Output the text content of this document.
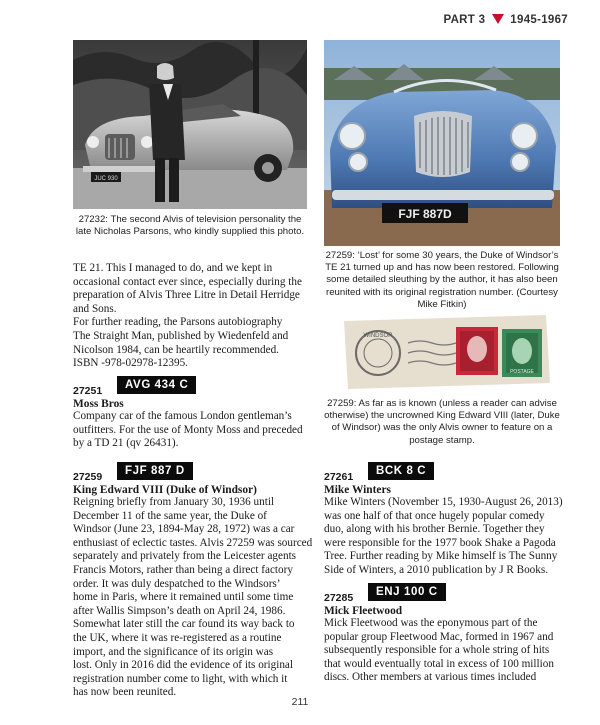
PART 3 1945-1967
JUC 930
27232: The second Alvis of television personality the late Nicholas Parsons, who kindly supplied this photo.
FJF 887D
27259: ‘Lost’ for some 30 years, the Duke of Windsor’s TE 21 turned up and has now been restored. Following some detailed sleuthing by the author, it has also been reunited with its original registration number. (Courtesy Mike Fitkin)
WINDSOR
POSTAGE
27259: As far as is known (unless a reader can advise otherwise) the uncrowned King Edward VIII (later, Duke of Windsor) was the only Alvis owner to feature on a postage stamp.
TE 21. This I managed to do, and we kept in
occasional contact ever since, especially during the
preparation of Alvis Three Litre in Detail Herridge
and Sons.
For further reading, the Parsons autobiography
The Straight Man, published by Wiedenfeld and
Nicolson 1984, can be heartily recommended.
ISBN -978-02978-12395.
27251	AVG 434 C
Moss Bros
Company car of the famous London gentleman’s
outfitters. For the use of Monty Moss and preceded
by a TD 21 (qv 26431).
27259	FJF 887 D
King Edward VIII (Duke of Windsor)
Reigning briefly from January 30, 1936 until
December 11 of the same year, the Duke of
Windsor (June 23, 1894-May 28, 1972) was a car
enthusiast of eclectic tastes. Alvis 27259 was sourced
separately and privately from the Leicester agents
Francis Motors, rather than being a direct factory
order. It was duly despatched to the Windsors’
home in Paris, where it remained until some time
after Wallis Simpson’s death on April 24, 1986.
Somewhat later still the car found its way back to
the UK, where it was re-registered as a routine
import, and the significance of its origin was
lost. Only in 2016 did the evidence of its original
registration number come to light, with which it
has now been reunited.
27261	BCK 8 C
Mike Winters
Mike Winters (November 15, 1930-August 26, 2013)
was one half of that once hugely popular comedy
duo, along with his brother Bernie. Together they
were responsible for the 1977 book Shake a Pagoda
Tree. Further reading by Mike himself is The Sunny
Side of Winters, a 2010 publication by J R Books.
27285	ENJ 100 C
Mick Fleetwood
Mick Fleetwood was the eponymous part of the
popular group Fleetwood Mac, formed in 1967 and
subsequently responsible for a whole string of hits
that would eventually total in excess of 100 million
discs. Other members at various times included
211
